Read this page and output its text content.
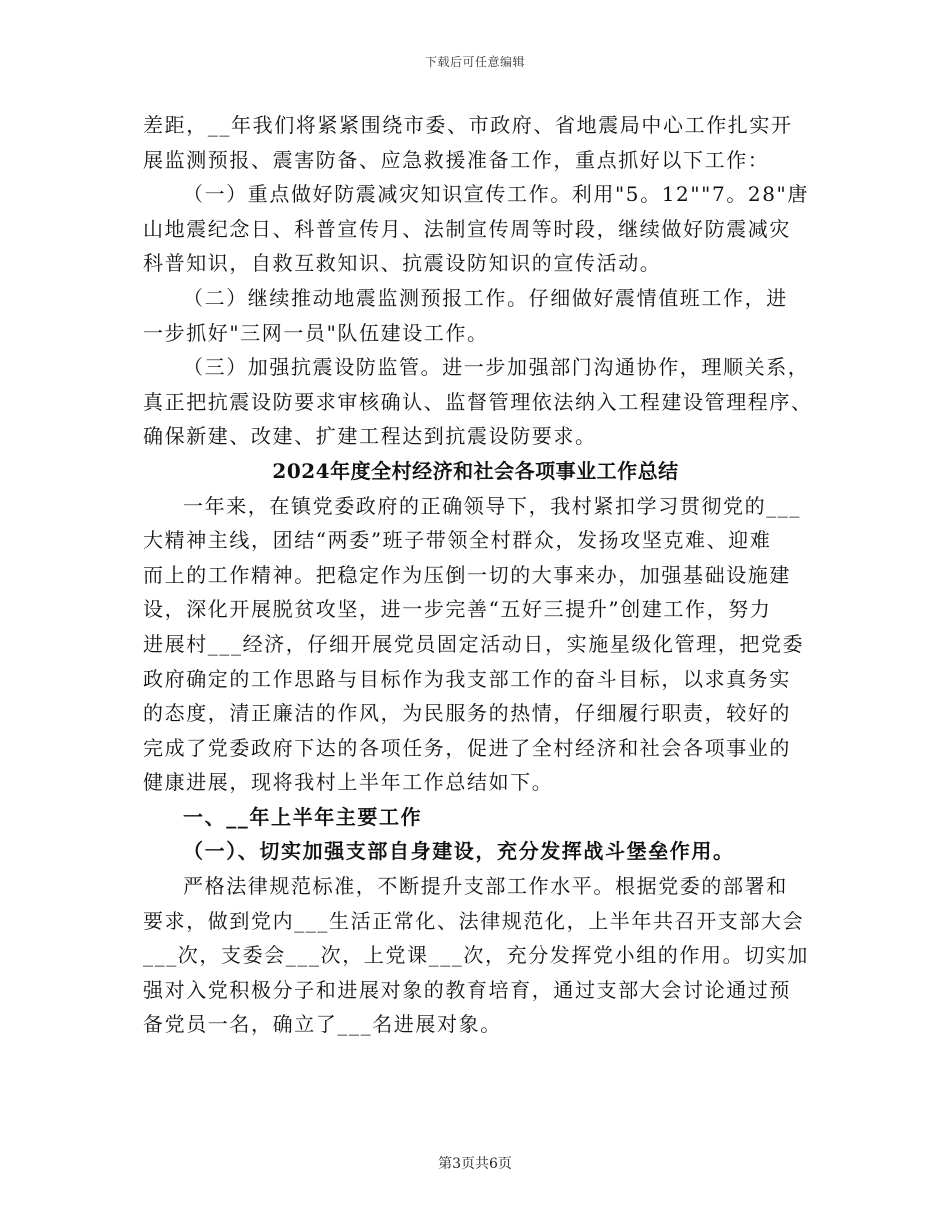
下载后可任意编辑
差距，__年我们将紧紧围绕市委、市政府、省地震局中心工作扎实开
展监测预报、震害防备、应急救援准备工作，重点抓好以下工作：
（一）重点做好防震减灾知识宣传工作。利用"5。12""7。28"唐
山地震纪念日、科普宣传月、法制宣传周等时段，继续做好防震减灾
科普知识，自救互救知识、抗震设防知识的宣传活动。
（二）继续推动地震监测预报工作。仔细做好震情值班工作，进
一步抓好"三网一员"队伍建设工作。
（三）加强抗震设防监管。进一步加强部门沟通协作，理顺关系，
真正把抗震设防要求审核确认、监督管理依法纳入工程建设管理程序、
确保新建、改建、扩建工程达到抗震设防要求。
2024年度全村经济和社会各项事业工作总结
一年来，在镇党委政府的正确领导下，我村紧扣学习贯彻党的___
大精神主线，团结“两委”班子带领全村群众，发扬攻坚克难、迎难
而上的工作精神。把稳定作为压倒一切的大事来办，加强基础设施建
设，深化开展脱贫攻坚，进一步完善“五好三提升”创建工作，努力
进展村___经济，仔细开展党员固定活动日，实施星级化管理，把党委
政府确定的工作思路与目标作为我支部工作的奋斗目标，以求真务实
的态度，清正廉洁的作风，为民服务的热情，仔细履行职责，较好的
完成了党委政府下达的各项任务，促进了全村经济和社会各项事业的
健康进展，现将我村上半年工作总结如下。
一、__年上半年主要工作
（一）、切实加强支部自身建设，充分发挥战斗堡垒作用。
严格法律规范标准，不断提升支部工作水平。根据党委的部署和
要求，做到党内___生活正常化、法律规范化，上半年共召开支部大会
___次，支委会___次，上党课___次，充分发挥党小组的作用。切实加
强对入党积极分子和进展对象的教育培育，通过支部大会讨论通过预
备党员一名，确立了___名进展对象。
第3页共6页
